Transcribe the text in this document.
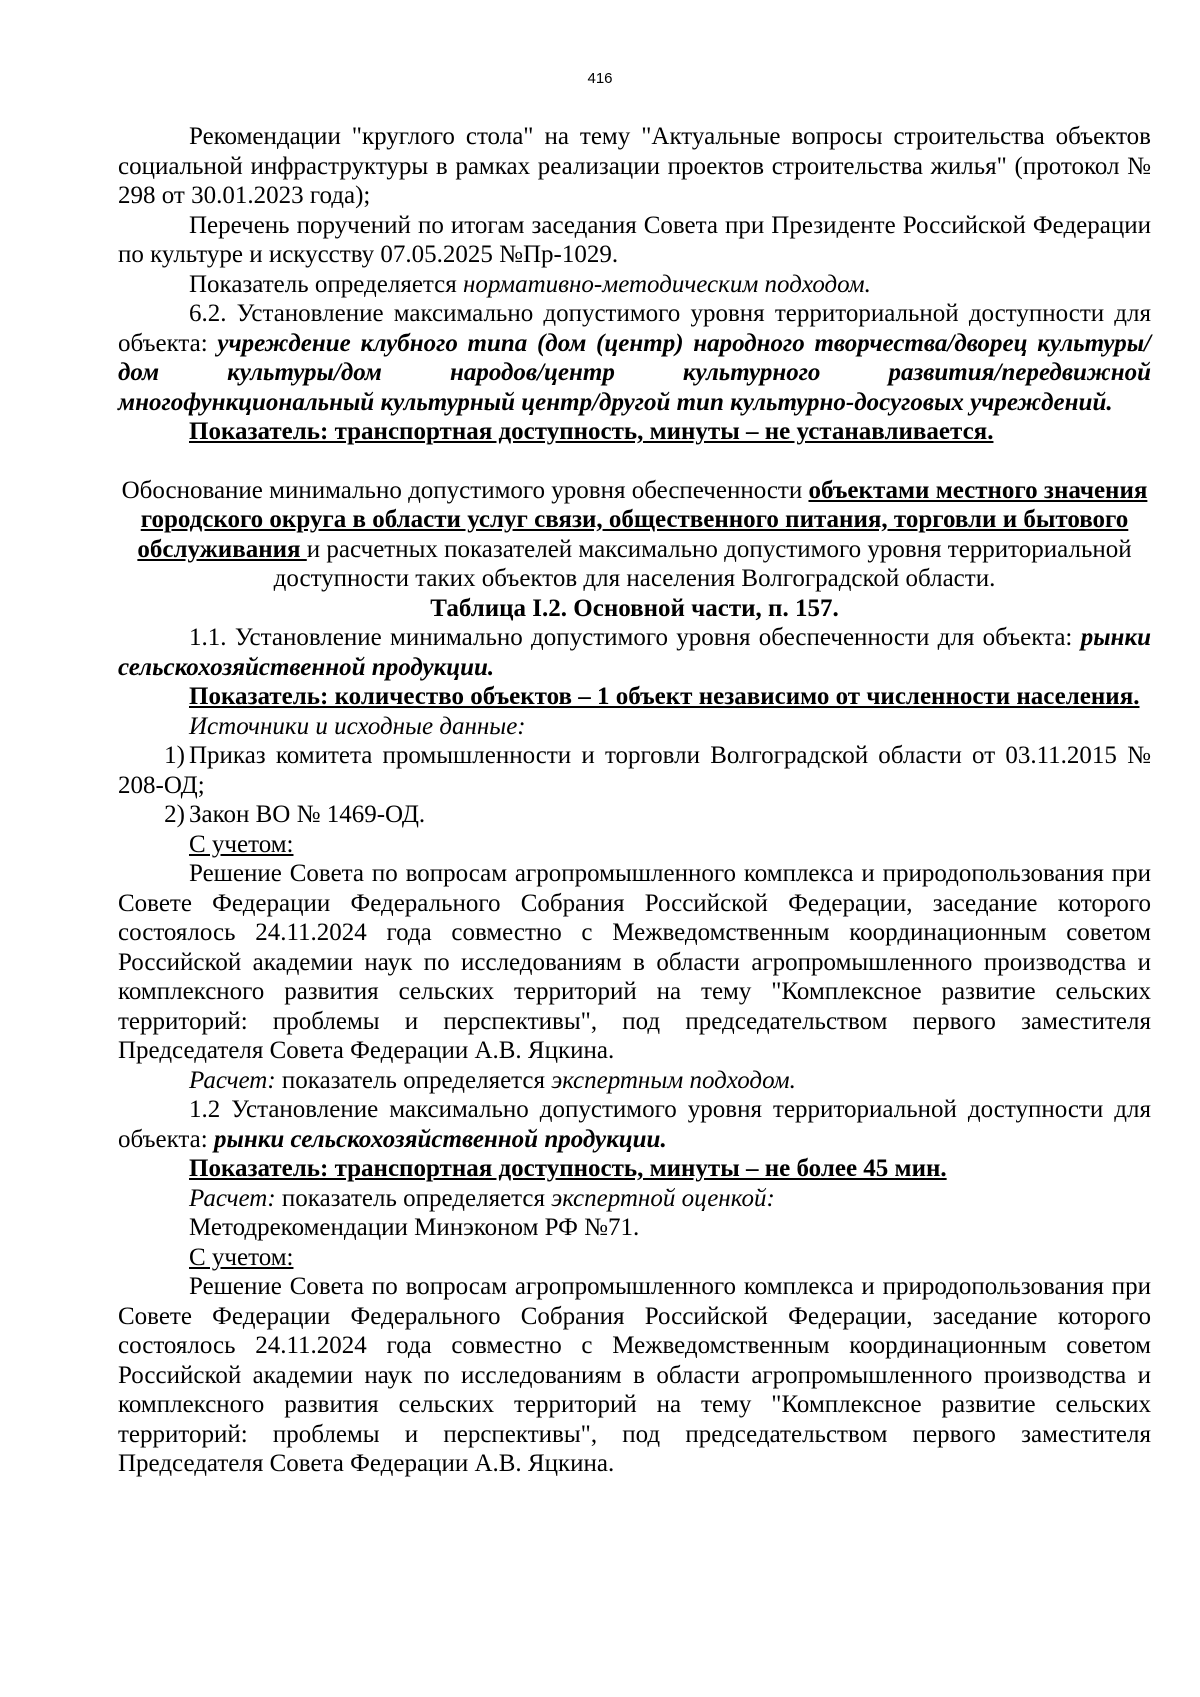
416

Рекомендации "круглого стола" на тему "Актуальные вопросы строительства объектов социальной инфраструктуры в рамках реализации проектов строительства жилья" (протокол № 298 от 30.01.2023 года);

Перечень поручений по итогам заседания Совета при Президенте Российской Федерации по культуре и искусству 07.05.2025 №Пр-1029.

Показатель определяется нормативно-методическим подходом.

6.2. Установление максимально допустимого уровня территориальной доступности для объекта: учреждение клубного типа (дом (центр) народного творчества/дворец культуры/дом культуры/дом народов/центр культурного развития/передвижной многофункциональный культурный центр/другой тип культурно-досуговых учреждений.

Показатель: транспортная доступность, минуты – не устанавливается.

Обоснование минимально допустимого уровня обеспеченности объектами местного значения городского округа в области услуг связи, общественного питания, торговли и бытового обслуживания и расчетных показателей максимально допустимого уровня территориальной доступности таких объектов для населения Волгоградской области.

Таблица I.2. Основной части, п. 157.

1.1. Установление минимально допустимого уровня обеспеченности для объекта: рынки сельскохозяйственной продукции.

Показатель: количество объектов – 1 объект независимо от численности населения.

Источники и исходные данные:

1) Приказ комитета промышленности и торговли Волгоградской области от 03.11.2015 № 208-ОД;

2) Закон ВО № 1469-ОД.

С учетом:

Решение Совета по вопросам агропромышленного комплекса и природопользования при Совете Федерации Федерального Собрания Российской Федерации, заседание которого состоялось 24.11.2024 года совместно с Межведомственным координационным советом Российской академии наук по исследованиям в области агропромышленного производства и комплексного развития сельских территорий на тему "Комплексное развитие сельских территорий: проблемы и перспективы", под председательством первого заместителя Председателя Совета Федерации А.В. Яцкина.

Расчет: показатель определяется экспертным подходом.

1.2 Установление максимально допустимого уровня территориальной доступности для объекта: рынки сельскохозяйственной продукции.

Показатель: транспортная доступность, минуты – не более 45 мин.

Расчет: показатель определяется экспертной оценкой:

Методрекомендации Минэконом РФ №71.

С учетом:

Решение Совета по вопросам агропромышленного комплекса и природопользования при Совете Федерации Федерального Собрания Российской Федерации, заседание которого состоялось 24.11.2024 года совместно с Межведомственным координационным советом Российской академии наук по исследованиям в области агропромышленного производства и комплексного развития сельских территорий на тему "Комплексное развитие сельских территорий: проблемы и перспективы", под председательством первого заместителя Председателя Совета Федерации А.В. Яцкина.
